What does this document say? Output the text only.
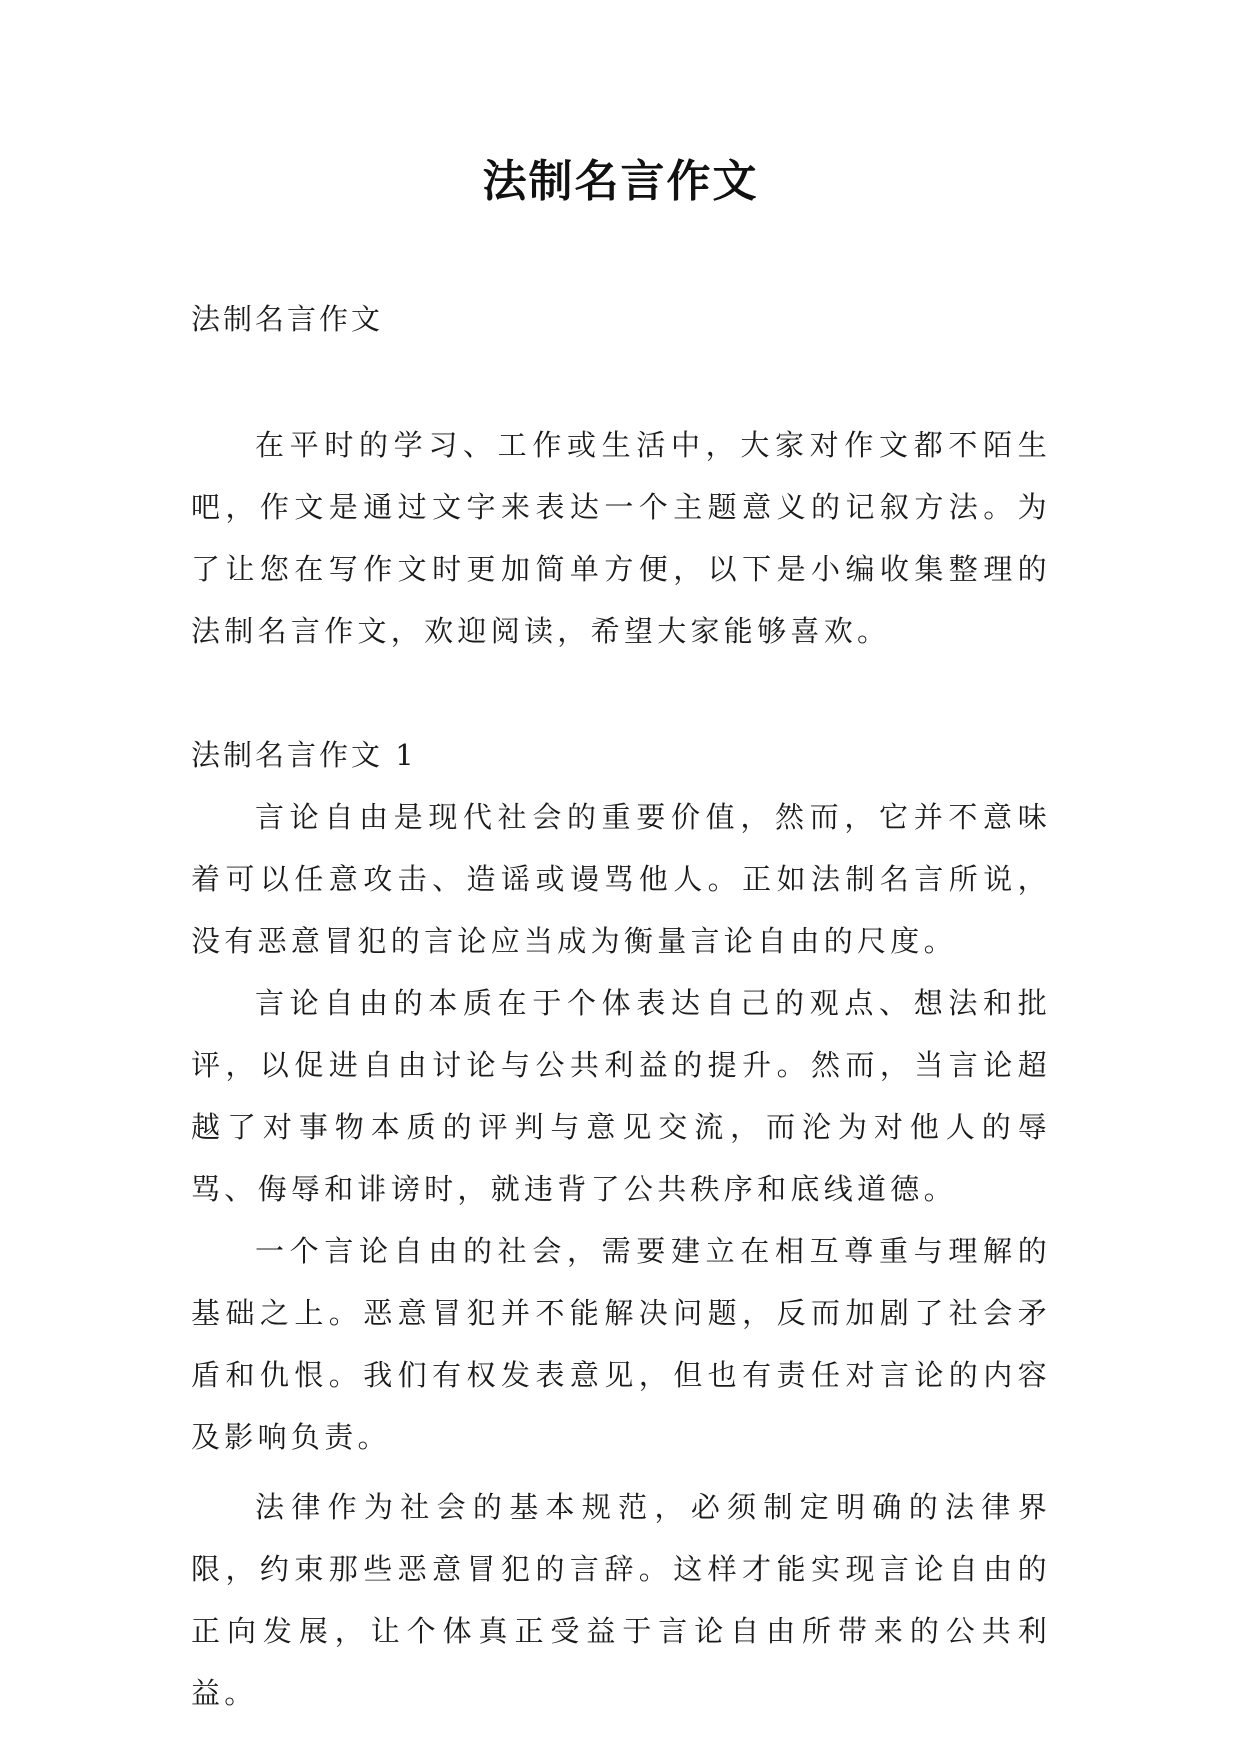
法制名言作文

法制名言作文

在平时的学习、工作或生活中，大家对作文都不陌生吧，作文是通过文字来表达一个主题意义的记叙方法。为了让您在写作文时更加简单方便，以下是小编收集整理的法制名言作文，欢迎阅读，希望大家能够喜欢。

法制名言作文 1

言论自由是现代社会的重要价值，然而，它并不意味着可以任意攻击、造谣或谩骂他人。正如法制名言所说，没有恶意冒犯的言论应当成为衡量言论自由的尺度。

言论自由的本质在于个体表达自己的观点、想法和批评，以促进自由讨论与公共利益的提升。然而，当言论超越了对事物本质的评判与意见交流，而沦为对他人的辱骂、侮辱和诽谤时，就违背了公共秩序和底线道德。

一个言论自由的社会，需要建立在相互尊重与理解的基础之上。恶意冒犯并不能解决问题，反而加剧了社会矛盾和仇恨。我们有权发表意见，但也有责任对言论的内容及影响负责。

法律作为社会的基本规范，必须制定明确的法律界限，约束那些恶意冒犯的言辞。这样才能实现言论自由的正向发展，让个体真正受益于言论自由所带来的公共利益。
